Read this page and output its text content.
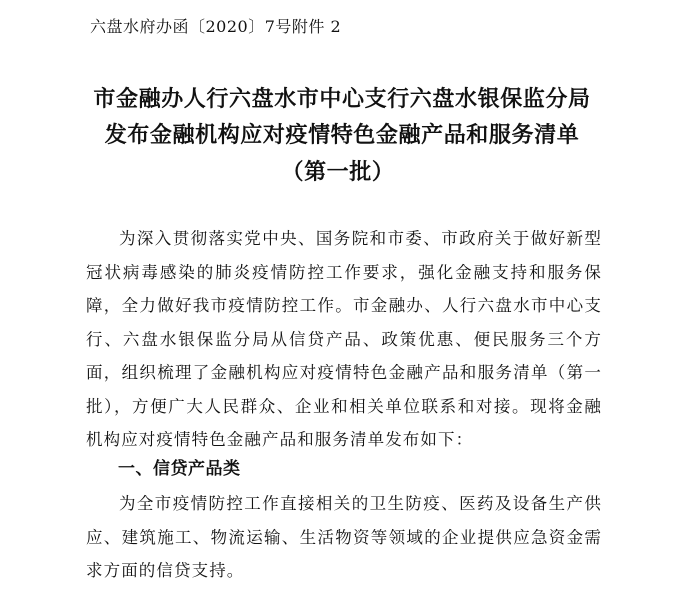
六盘水府办函〔2020〕7号附件 2
市金融办人行六盘水市中心支行六盘水银保监分局
发布金融机构应对疫情特色金融产品和服务清单
（第一批）

为深入贯彻落实党中央、国务院和市委、市政府关于做好新型冠状病毒感染的肺炎疫情防控工作要求，强化金融支持和服务保障，全力做好我市疫情防控工作。市金融办、人行六盘水市中心支行、六盘水银保监分局从信贷产品、政策优惠、便民服务三个方面，组织梳理了金融机构应对疫情特色金融产品和服务清单（第一批），方便广大人民群众、企业和相关单位联系和对接。现将金融机构应对疫情特色金融产品和服务清单发布如下：

一、信贷产品类

为全市疫情防控工作直接相关的卫生防疫、医药及设备生产供应、建筑施工、物流运输、生活物资等领域的企业提供应急资金需求方面的信贷支持。
